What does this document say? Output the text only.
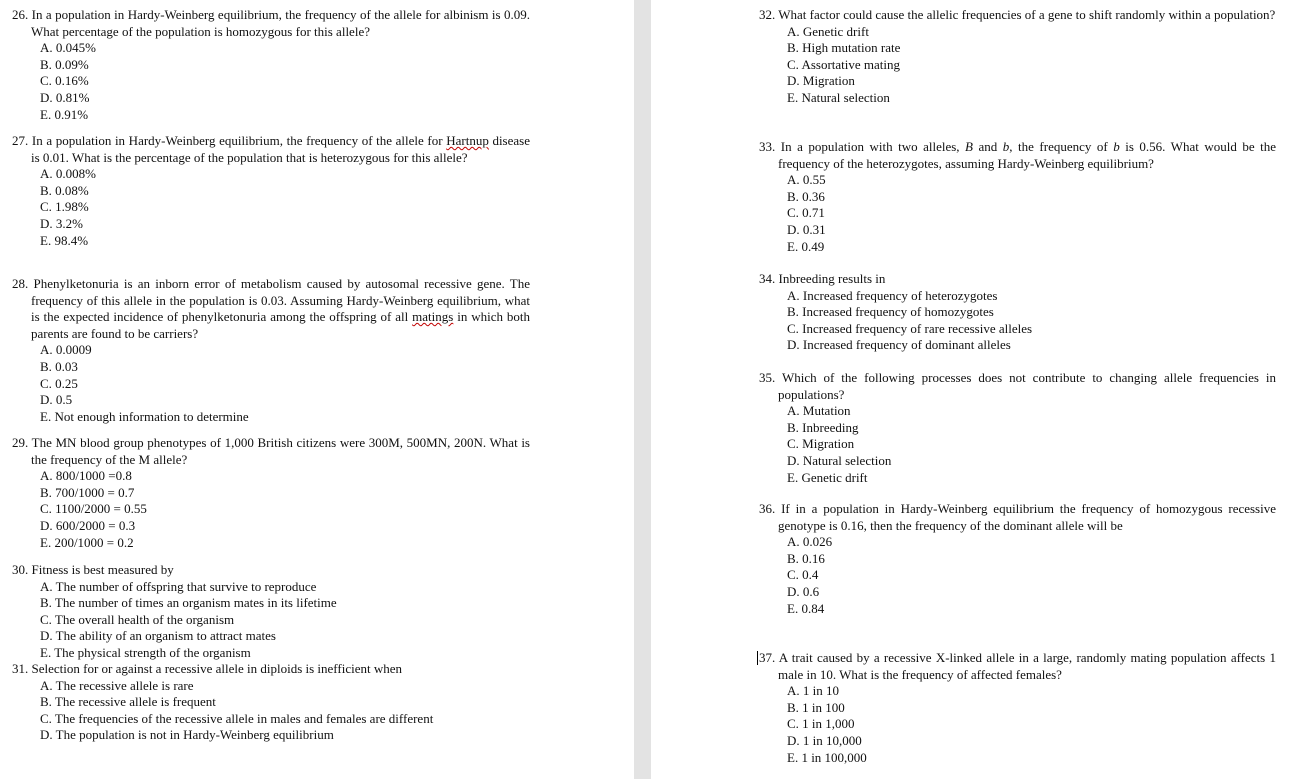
26. In a population in Hardy-Weinberg equilibrium, the frequency of the allele for albinism is 0.09. What percentage of the population is homozygous for this allele?
A. 0.045%
B. 0.09%
C. 0.16%
D. 0.81%
E. 0.91%
27. In a population in Hardy-Weinberg equilibrium, the frequency of the allele for Hartnup disease is 0.01. What is the percentage of the population that is heterozygous for this allele?
A. 0.008%
B. 0.08%
C. 1.98%
D. 3.2%
E. 98.4%
28. Phenylketonuria is an inborn error of metabolism caused by autosomal recessive gene. The frequency of this allele in the population is 0.03. Assuming Hardy-Weinberg equilibrium, what is the expected incidence of phenylketonuria among the offspring of all matings in which both parents are found to be carriers?
A. 0.0009
B. 0.03
C. 0.25
D. 0.5
E. Not enough information to determine
29. The MN blood group phenotypes of 1,000 British citizens were 300M, 500MN, 200N. What is the frequency of the M allele?
A. 800/1000 =0.8
B. 700/1000 = 0.7
C. 1100/2000 = 0.55
D. 600/2000 = 0.3
E. 200/1000 = 0.2
30. Fitness is best measured by
A. The number of offspring that survive to reproduce
B. The number of times an organism mates in its lifetime
C. The overall health of the organism
D. The ability of an organism to attract mates
E. The physical strength of the organism
31. Selection for or against a recessive allele in diploids is inefficient when
A. The recessive allele is rare
B. The recessive allele is frequent
C. The frequencies of the recessive allele in males and females are different
D. The population is not in Hardy-Weinberg equilibrium
32. What factor could cause the allelic frequencies of a gene to shift randomly within a population?
A. Genetic drift
B. High mutation rate
C. Assortative mating
D. Migration
E. Natural selection
33. In a population with two alleles, B and b, the frequency of b is 0.56. What would be the frequency of the heterozygotes, assuming Hardy-Weinberg equilibrium?
A. 0.55
B. 0.36
C. 0.71
D. 0.31
E. 0.49
34. Inbreeding results in
A. Increased frequency of heterozygotes
B. Increased frequency of homozygotes
C. Increased frequency of rare recessive alleles
D. Increased frequency of dominant alleles
35. Which of the following processes does not contribute to changing allele frequencies in populations?
A. Mutation
B. Inbreeding
C. Migration
D. Natural selection
E. Genetic drift
36. If in a population in Hardy-Weinberg equilibrium the frequency of homozygous recessive genotype is 0.16, then the frequency of the dominant allele will be
A. 0.026
B. 0.16
C. 0.4
D. 0.6
E. 0.84
37. A trait caused by a recessive X-linked allele in a large, randomly mating population affects 1 male in 10. What is the frequency of affected females?
A. 1 in 10
B. 1 in 100
C. 1 in 1,000
D. 1 in 10,000
E. 1 in 100,000
